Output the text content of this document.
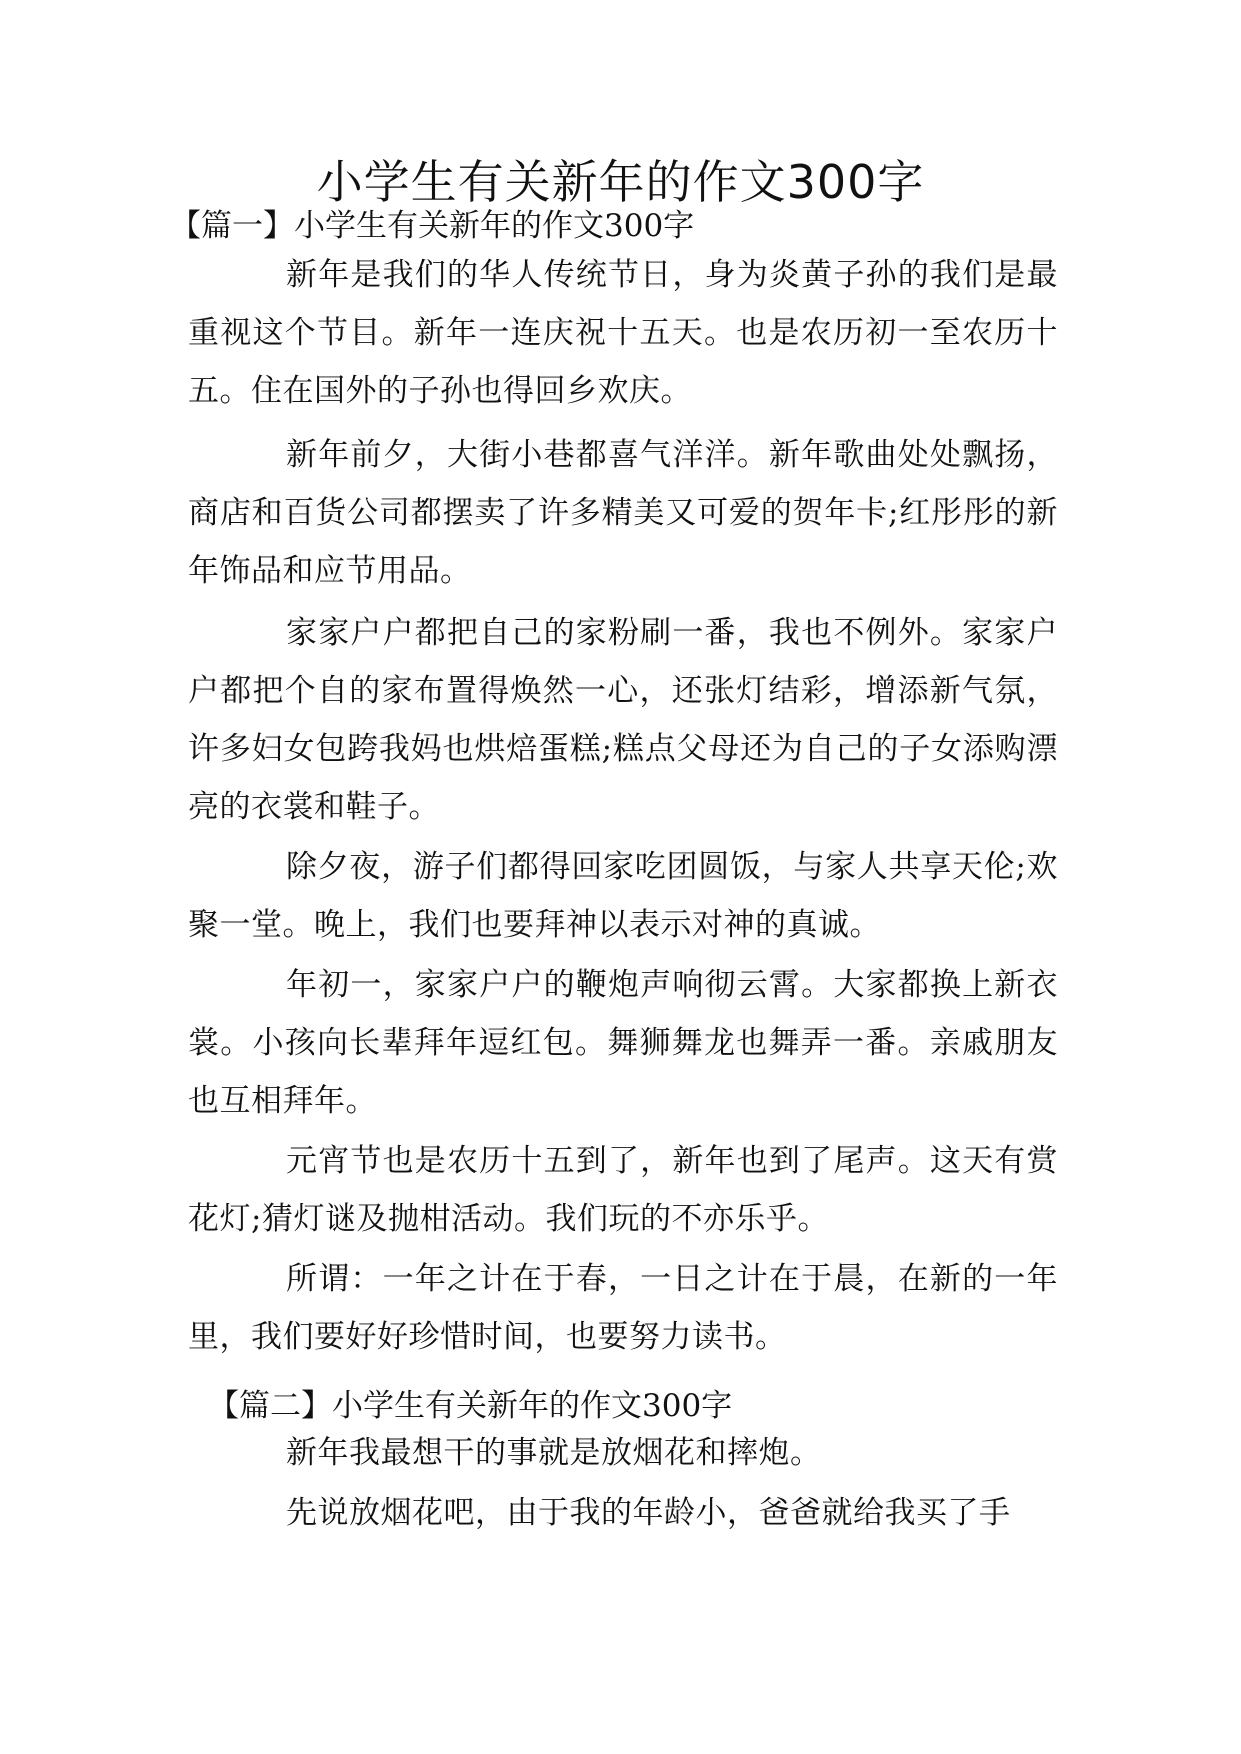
小学生有关新年的作文300字
【篇一】小学生有关新年的作文300字

新年是我们的华人传统节日，身为炎黄子孙的我们是最重视这个节目。新年一连庆祝十五天。也是农历初一至农历十五。住在国外的子孙也得回乡欢庆。

新年前夕，大街小巷都喜气洋洋。新年歌曲处处飘扬，商店和百货公司都摆卖了许多精美又可爱的贺年卡;红彤彤的新年饰品和应节用品。

家家户户都把自己的家粉刷一番，我也不例外。家家户户都把个自的家布置得焕然一心，还张灯结彩，增添新气氛，许多妇女包跨我妈也烘焙蛋糕;糕点父母还为自己的子女添购漂亮的衣裳和鞋子。

除夕夜，游子们都得回家吃团圆饭，与家人共享天伦;欢聚一堂。晚上，我们也要拜神以表示对神的真诚。

年初一，家家户户的鞭炮声响彻云霄。大家都换上新衣裳。小孩向长辈拜年逗红包。舞狮舞龙也舞弄一番。亲戚朋友也互相拜年。

元宵节也是农历十五到了，新年也到了尾声。这天有赏花灯;猜灯谜及抛柑活动。我们玩的不亦乐乎。

所谓：一年之计在于春，一日之计在于晨，在新的一年里，我们要好好珍惜时间，也要努力读书。

【篇二】小学生有关新年的作文300字

新年我最想干的事就是放烟花和摔炮。

先说放烟花吧，由于我的年龄小，爸爸就给我买了手
